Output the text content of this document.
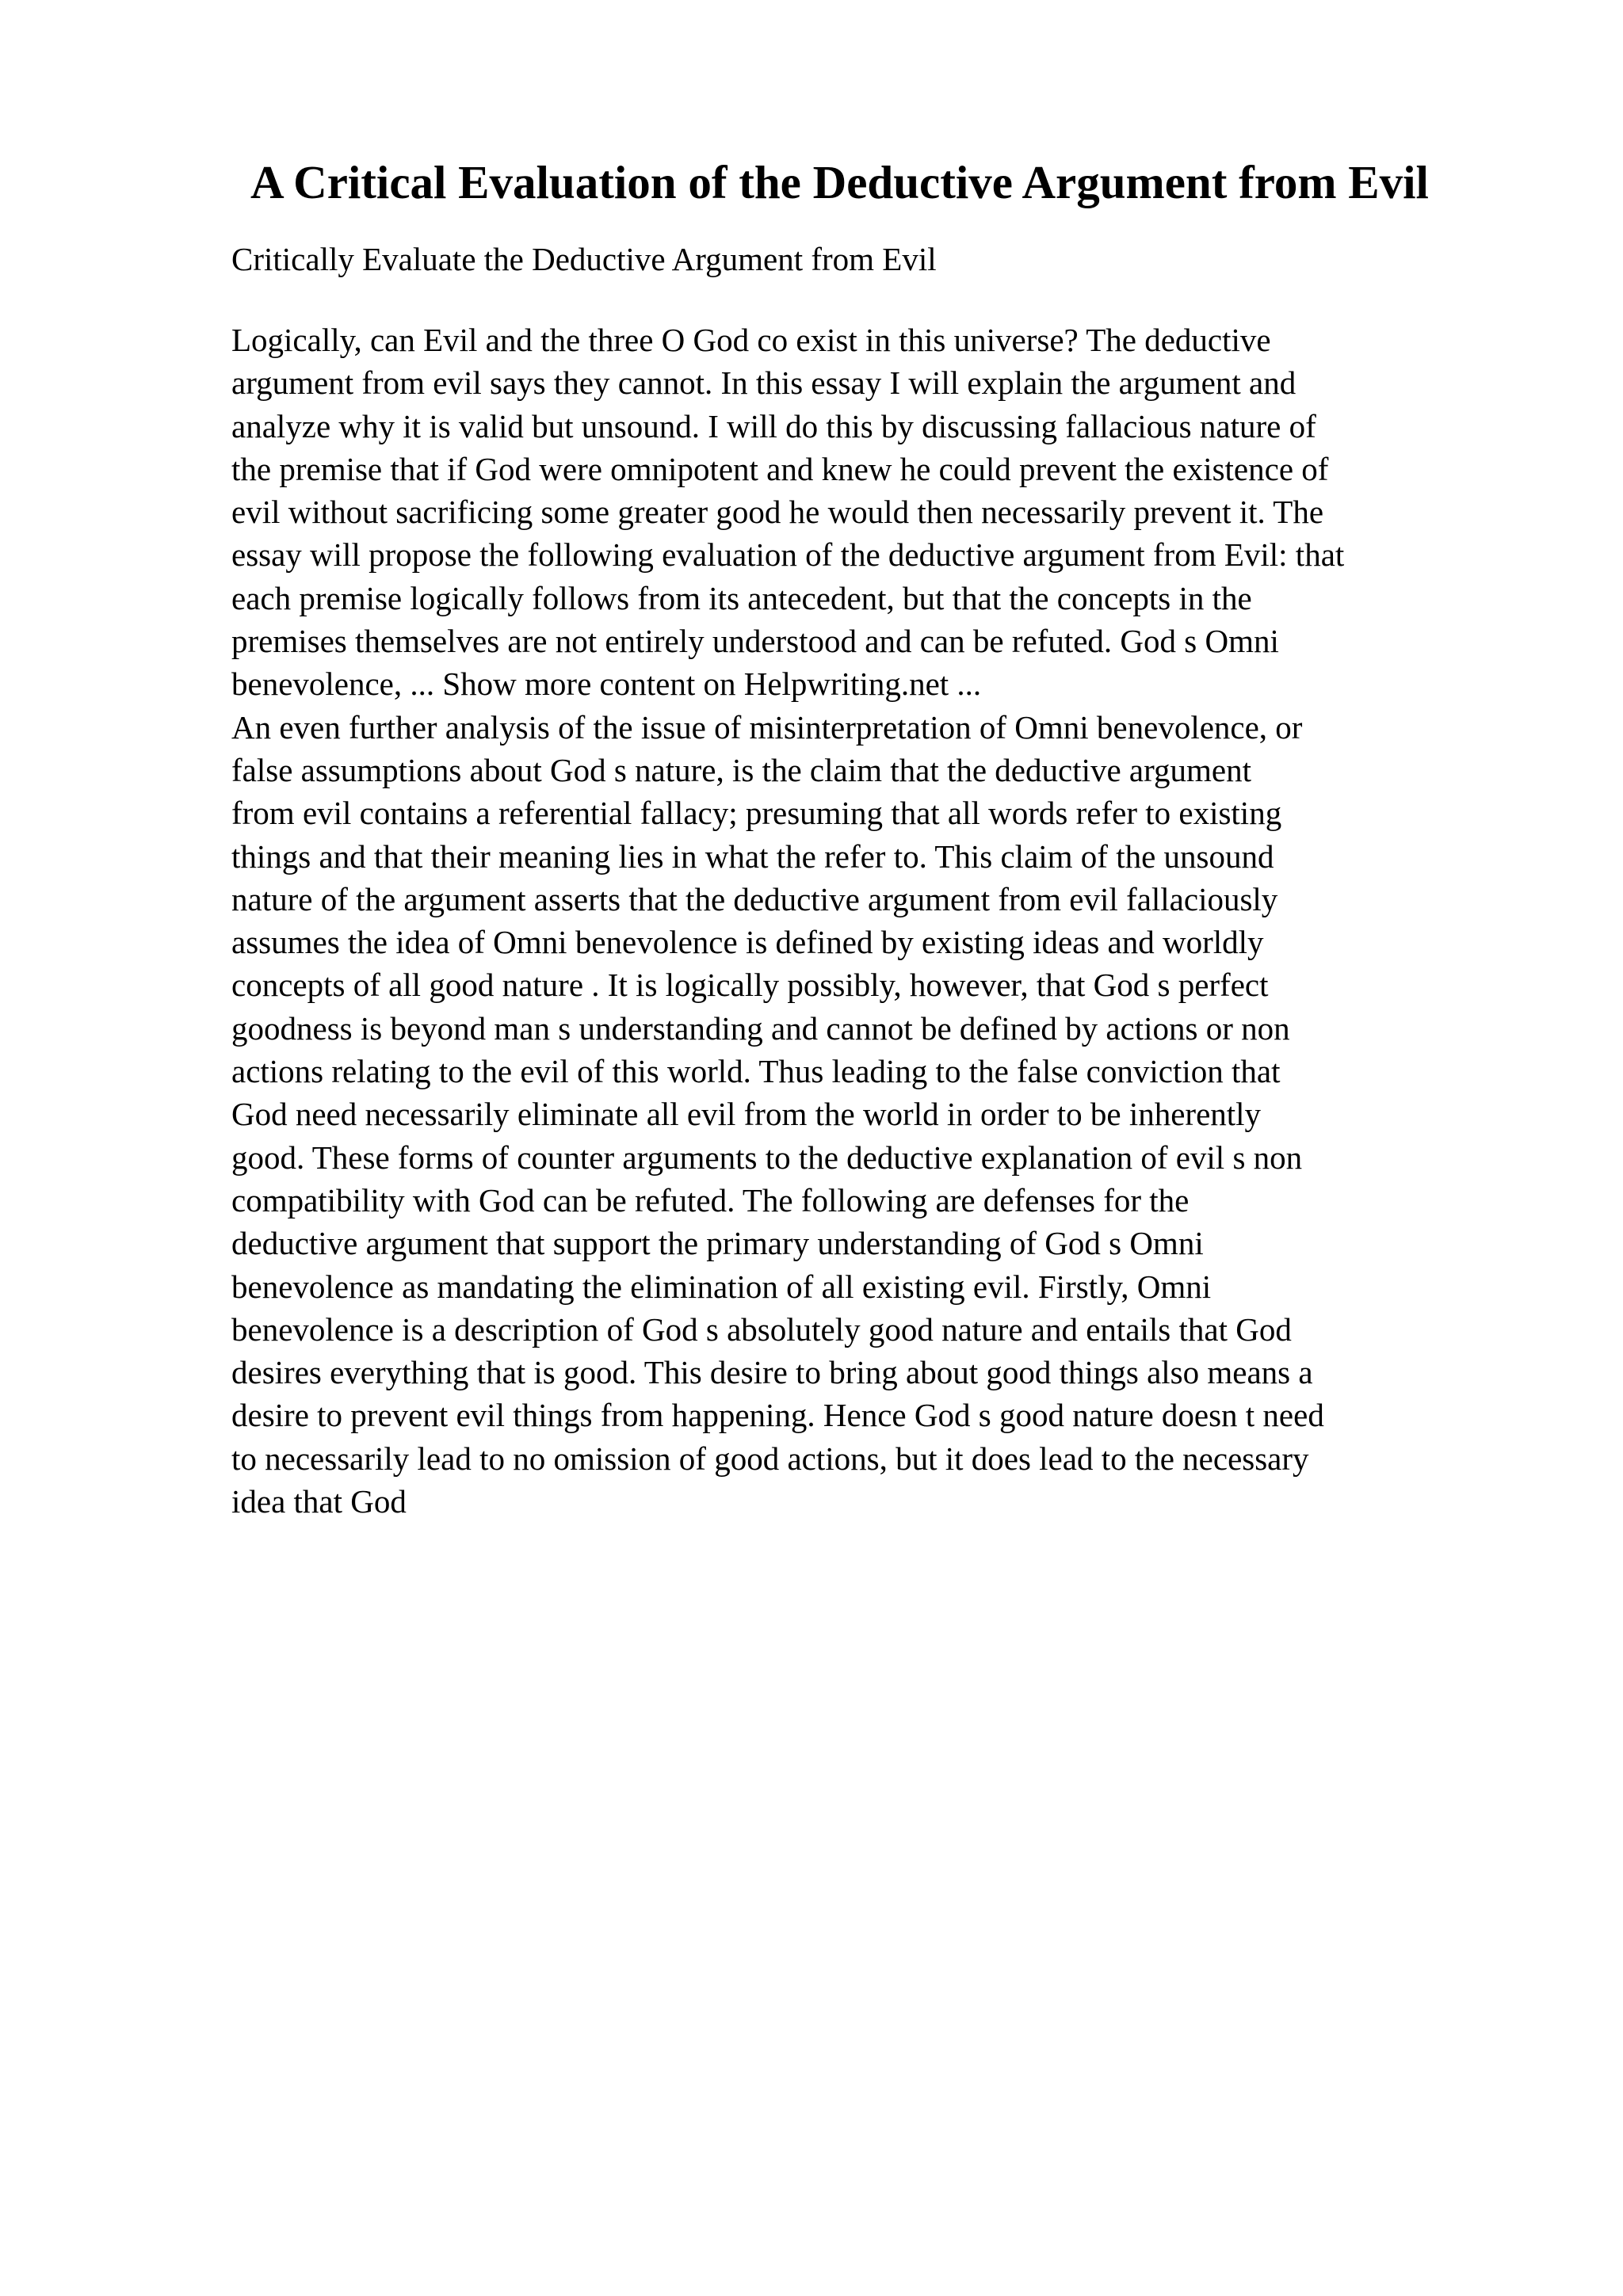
A Critical Evaluation of the Deductive Argument from Evil
Critically Evaluate the Deductive Argument from Evil
Logically, can Evil and the three O God co exist in this universe? The deductive
argument from evil says they cannot. In this essay I will explain the argument and
analyze why it is valid but unsound. I will do this by discussing fallacious nature of
the premise that if God were omnipotent and knew he could prevent the existence of
evil without sacrificing some greater good he would then necessarily prevent it. The
essay will propose the following evaluation of the deductive argument from Evil: that
each premise logically follows from its antecedent, but that the concepts in the
premises themselves are not entirely understood and can be refuted. God s Omni
benevolence, ... Show more content on Helpwriting.net ...
An even further analysis of the issue of misinterpretation of Omni benevolence, or
false assumptions about God s nature, is the claim that the deductive argument
from evil contains a referential fallacy; presuming that all words refer to existing
things and that their meaning lies in what the refer to. This claim of the unsound
nature of the argument asserts that the deductive argument from evil fallaciously
assumes the idea of Omni benevolence is defined by existing ideas and worldly
concepts of all good nature . It is logically possibly, however, that God s perfect
goodness is beyond man s understanding and cannot be defined by actions or non
actions relating to the evil of this world. Thus leading to the false conviction that
God need necessarily eliminate all evil from the world in order to be inherently
good. These forms of counter arguments to the deductive explanation of evil s non
compatibility with God can be refuted. The following are defenses for the
deductive argument that support the primary understanding of God s Omni
benevolence as mandating the elimination of all existing evil. Firstly, Omni
benevolence is a description of God s absolutely good nature and entails that God
desires everything that is good. This desire to bring about good things also means a
desire to prevent evil things from happening. Hence God s good nature doesn t need
to necessarily lead to no omission of good actions, but it does lead to the necessary
idea that God
